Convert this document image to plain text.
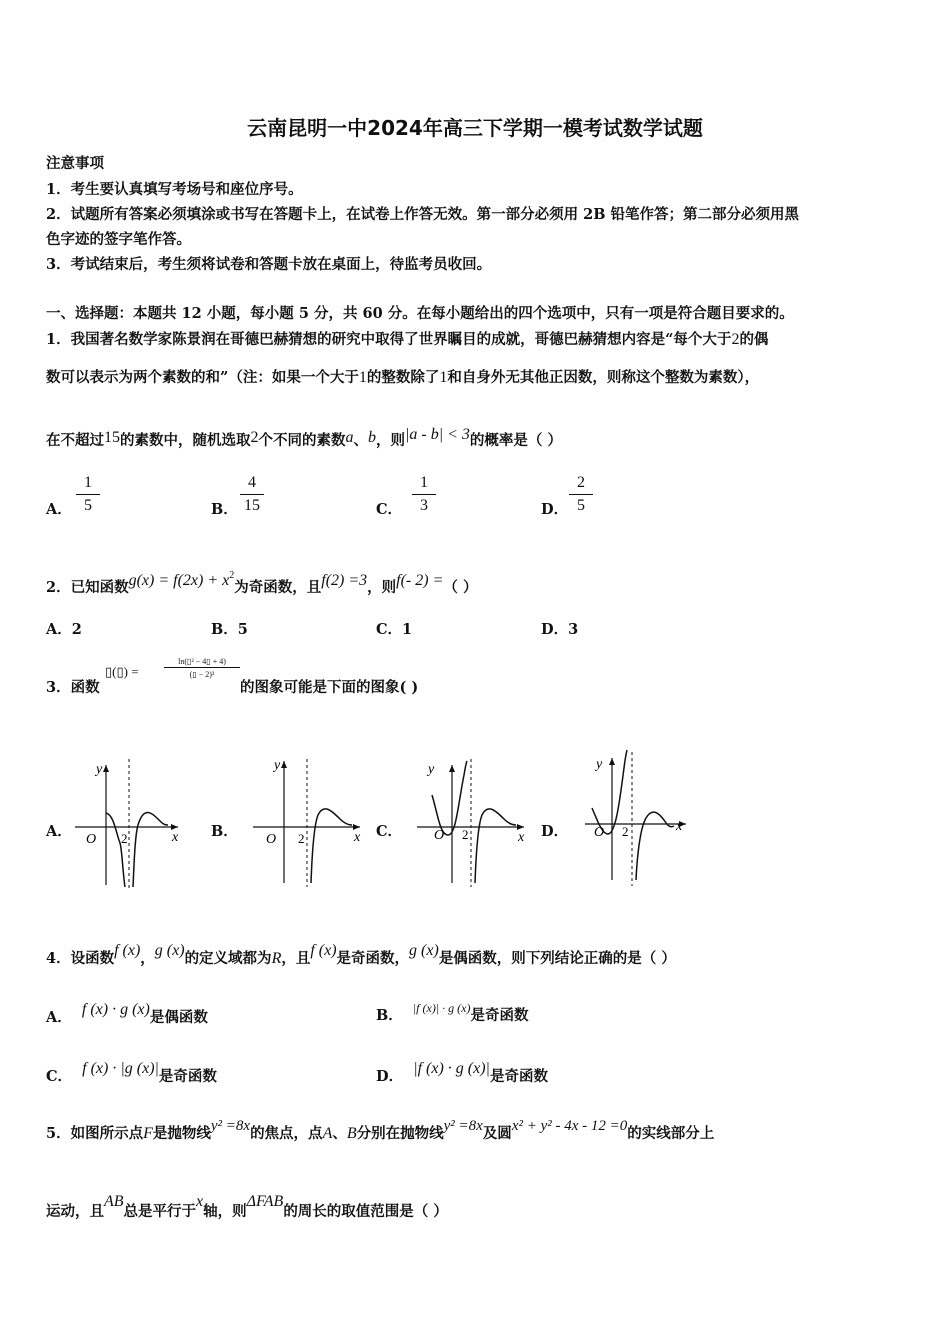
云南昆明一中2024年高三下学期一模考试数学试题
注意事项
1．考生要认真填写考场号和座位序号。
2．试题所有答案必须填涂或书写在答题卡上，在试卷上作答无效。第一部分必须用 2B 铅笔作答；第二部分必须用黑
色字迹的签字笔作答。
3．考试结束后，考生须将试卷和答题卡放在桌面上，待监考员收回。
一、选择题：本题共 12 小题，每小题 5 分，共 60 分。在每小题给出的四个选项中，只有一项是符合题目要求的。
1．我国著名数学家陈景润在哥德巴赫猜想的研究中取得了世界瞩目的成就，哥德巴赫猜想内容是“每个大于2的偶
数可以表示为两个素数的和”（注：如果一个大于1的整数除了1和自身外无其他正因数，则称这个整数为素数），
在不超过15的素数中，随机选取2个不同的素数a、b，则|a - b| < 3的概率是（ ）
A． $\frac{1}{5}$	B． $\frac{4}{15}$	C． $\frac{1}{3}$	D． $\frac{2}{5}$
2．已知函数$g(x) = f(2x) + x^2$为奇函数，且f(2) =3，则f(- 2) =（ ）
A．2	B．5	C．1	D．3
3．函数
▯(▯) =
ln(▯² − 4▯ + 4)
(▯ − 2)³
的图象可能是下面的图象( )
A．	B．	C．	D．
y
x
O 2
y
x
O 2
y
x
O 2
y
x
O 2
4．设函数f (x)，g (x)的定义域都为R，且f (x)是奇函数，g (x)是偶函数，则下列结论正确的是（ ）
A． f (x) · g (x)是偶函数	B． $^{|f (x)| \cdot g (x)}$是奇函数
C． f (x) · |g (x)|是奇函数	D． |f (x) · g (x)|是奇函数
5．如图所示点F是抛物线y² =8x的焦点，点A、B分别在抛物线y² =8x及圆x² + y² - 4x - 12 =0的实线部分上
运动，且AB总是平行于x轴，则ΔFAB的周长的取值范围是（ ）
